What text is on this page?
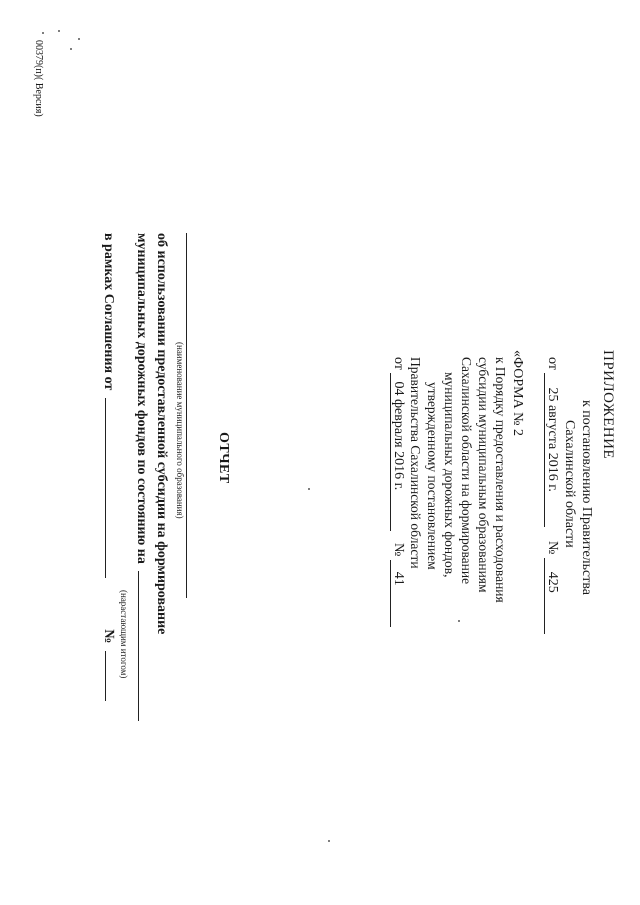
ПРИЛОЖЕНИЕ
к постановлению Правительства
Сахалинской области
от 25 августа 2016 г. № 425
«ФОРМА № 2
к Порядку предоставления и расходования
субсидии муниципальным образованиям
Сахалинской области на формирование
муниципальных дорожных фондов,
утвержденному постановлением
Правительства Сахалинской области
от 04 февраля 2016 г. № 41
ОТЧЕТ
(наименование муниципального образования)
об использовании предоставленной субсидии на формирование
муниципальных дорожных фондов по состоянию на
(нарастающим итогом)
в рамках Соглашения от  №
00379(п)( Версия)
